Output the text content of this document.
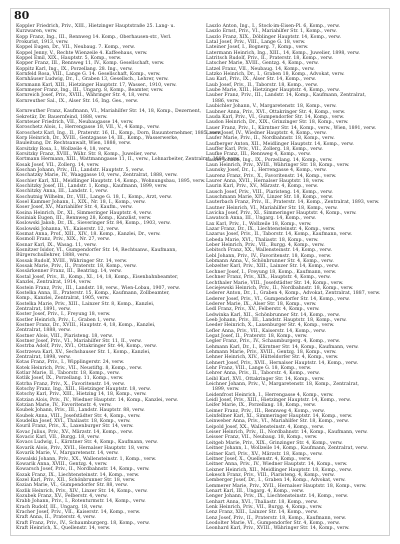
80
Koppler Friedrich, Priv., XIII., Hietzinger Hauptstraße 25. Lang- u.
Kurzwaren, verw.
Kopp Franz, Ing., III., Rennweg 14. Komp., Oberhausen-str., Verl.
Prokurist, 1913, verw.
Koppel Eugen, Dr., VII., Neubaug. 7. Komp., verw.
Koppel Jenny, V., Rechte Wienzeile 4. Kaffeehaus, verw.
Koppel Emil, XIX., Hauptstr. 5, Komp., verw.
Kopper Franz, III., Rennweg 11, IV., Komp. Gesellschaft, verw.
Koppitz Karl, Ing., IX., Porzellang. 28. Ing., verw.
Kornfeld Rosa, VIII., Lange G. 14. Gesellschaft, Komp., verw.
Kornhäuser Ludwig, Dr., I., Graben 13, Gesellsch., Lehrer, verw.
Kornmann Karl, XIII., Hietzinger Hauptstr. 17, Wasser., 1910, verw.
Kornmeyer Franz, Ing., III., Ungarg. 8, Komp., Beamter, verw.
Kornreich Josef, Priv., XVIII., Währinger Str. 4, 18, verw.
Kornreuther Sal., IX., Alser Str. 16, Ing. Ges., verw.
Kornreuther Franz, Kaufmann, VI., Mariahilfer Str. 14, 18, Komp., Dezernent,
Sekretär, Dr. Bauernfeind, 1888, verw.
Kornteuer Friedrich, VII., Neubaugasse 14, verw.
Koroschetz Alois, I., Herrengasse 18, VII., V., 4 Komp., verw.
Koroschetz Karl, Ing., II., Praterstr. 16, II., Komp., Dorn, Bauunternehmer, 1885, verw.
Korp Heinrich, Dr., XVIII., Gentzgasse 14, III., Komp., Wasserwerke,
Bauleitung, Dr. Rechtsanwalt, Wien, 1888, verw.
Korsitzky Rosa, I., Wollzeile 4, 18, verw.
Korsitzky Franz, XVIII., Währ. Str. 8, Komp., Juwelier, verw.
Kortmann Hermann, XIII., Wattmanngasse 11, II., verw., Lohnarbeiter, Zentralrat, 1888, verw.
Kosak Josef, VII., Zollerg. 14, verw.
Koschan Johann, Priv., III., Landstr. Hauptstr. 5, verw.
Koschatzky Marie, IV., Waaggasse 10, verw., Zentralrat, 1888, verw.
Koschier Karl, XII., Meidlinger Hauptstr. 14, Komp., Wohnungsbau, 1895, verw.
Koschitzky Josef, III., Landstr. 1, Komp., Kaufmann, 1899, verw.
Koschitzky Anna, III., Landstr. 1, verw.
Koschutnig Wilhelm, Dr., VIII., Lange G. 18, I., Komp., Arzt, verw.
Kosel Kammer Johann, I., XIX., Nr. 18, I., Komp., verw.
Koser Josef, XV., Mariahilfer Str. 4, Kaufm., verw.
Kosina Heinrich, Dr., XI., Simmeringer Hauptstr. 4, verw.
Kosiniak Eugen, III., Rennweg 28, Komp., Kanzlist, verw.
Koslowski Jakob, Dr., IX., Sieveringer Str. 84, Komp., 1903, verw.
Koslowski Johanna, VI., Kaiserstr. 12, verw.
Kosmat Anna, Prof., XIII., XIV., 18. Komp., Kanzlei, Dr., verw.
Kosmoll Franz, Priv., XIX., Nr. 27, verw.
Kosnar Karl, IX., Wasag. 11, verw.
Kosnitzer Isidor, VI., Gumpendorfer Str. 14, Rechtsanw., Kaufmann,
Bürgerschullehrer, 1888, verw.
Kossak Rudolf, XVIII., Währinger Str. 14, verw.
Kossak Marie, Priv., II., Praterstr. 18, Komp., verw.
Kossärkenner Franz, III., Beatrixg. 14, verw.
Kostal Josef, Priv., II., Komp., XI., 14, 18, Komp., Eisenbahnbeamter,
Kanzlei, Zentralrat, 1914, verw.
Kostein Franz, Priv., III., Landstr. 18, verw., Wien-Lobau, 1907, verw.
Kostelka Anna, II., Praterstr. 15, Komp., Kaufmann, Zollbeamter,
Komp., Kanzlei, Zentralrat, 1905, verw.
Kostelka Marie, Priv., XIII., Lainzer Str. 8, Komp., Kanzlei,
Zentralrat, 1891, verw.
Koster Josef, Priv., I., Freyung 18, verw.
Kostler Heinrich, Priv., I., Graben 1, verw.
Kostner Franz, Dr., XVIII., Hauptstr. 4, 18, Komp., Kanzlei,
Zentralrat, 1888, verw.
Kostner Alois, VIII., Piaristeng. 18, verw.
Kostner Josef, Priv., VI., Mariahilfer Str. 11, II., verw.
Kostrba Adolf, Priv., XVI., Ottakringer Str. 44, Komp., verw.
Kostrzewa Karl, XV., Sechshauser Str. 1, Komp., Kanzlei,
Zentralrat, 1898, verw.
Kotas Franz, Priv., I., Wipplingerstr. 24, verw.
Kotek Heinrich, Priv., VII., Neustiftg. 8, Komp., verw.
Kotlar Marie, II., Taborstr. 18, Komp., verw.
Kotlik Josef, IX., Porzellang. 11, Komp., verw.
Kotrba Franz, Priv., X., Favoritenstr. 14, verw.
Kotschy Franz, Ing., XIII., Hietzinger Hauptstr. 18, verw.
Kotschy Karl, Priv., XIII., Hietzing 14, 18, Komp., verw.
Kotzian Alois, Priv., IV., Wiedner Hauptstr. 14, Komp., Kanzlei, verw.
Kotzian Marie, IV., Favoritenstr. 4, verw.
Koubek Johann, Priv., III., Landstr. Hauptstr. 88, verw.
Koubek Anna, VIII., Josefstädter Str. 4, Komp., verw.
Koudelka Josef, XVI., Thaliastr. 18, Komp., verw.
Kouril Franz, Priv., X., Laxenburger Str. 14, verw.
Kovac Julius, Priv., XV., Märzstr. 14, Komp., verw.
Kovacic Karl, VII., Burgg. 18, verw.
Kovacs Ludwig, I., Kärntner Str. 4, Komp., Kaufmann, verw.
Kovarik Alois, Priv., XVII., Hernalser Hauptstr. 18, verw.
Kovarik Marie, V., Margaretenstr. 14, verw.
Kowalski Johann, Priv., XX., Wallensteinstr. 1, Komp., verw.
Kowarik Anna, XVIII., Gentzg. 4, verw.
Kowarsch Josef, Priv., II., Nordbahnstr. 14, Komp., verw.
Kozak Franz, IX., Liechtensteinstr. 14, Komp., verw.
Kozel Karl, Priv., XII., Schönbrunner Str. 18, verw.
Kozian Marie, VI., Gumpendorfer Str. 88, verw.
Kozlik Heinrich, Priv., XIV., Linzer Str. 14, Komp., verw.
Kozubek Franz, XV., Felberstr. 4, verw.
Krabb Johann, Priv., I., Rotenturmstr. 14, Komp., verw.
Krach Rudolf, III., Ungarg. 18, verw.
Kracher Josef, Priv., VII., Kaiserstr. 14, Komp., verw.
Kraft Anna, II., Praterstr. 4, verw.
Kraft Franz, Priv., IV., Schaumburgerg. 18, Komp., verw.
Kraft Heinrich, X., Quellenstr. 14, verw.
Laszlo Anton, Ing., I., Stock-im-Eisen-Pl. 6, Komp., verw.
Laszlo Ernst, Priv., VI., Mariahilfer Str. 1, Komp., verw.
Laszlo Franz, XIX., Döblinger Hauptstr. 14, Komp., verw.
Latal Josef, Priv., VIII., Lange G. 18, verw.
Lateiner Josef, I., Bognerg. 7, Komp., verw.
Latermann Heinrich, Ing., XIII., 14, Komp., Juwelier, 1898, verw.
Latritsch Rudolf, Priv., II., Praterstr. 18, Komp., verw.
Latscher Marie, XVIII., Gentzg. 4, Komp., verw.
Latzel Franz, VII., Neubaug. 14, Komp., verw.
Latzko Heinrich, Dr., I., Graben 18, Komp., Advokat, verw.
Lau Karl, Priv., IX., Alser Str. 14, Komp., verw.
Laub Josef, Priv., II., Taborstr. 18, Komp., verw.
Laube Marie, XIII., Hietzinger Hauptstr. 4, Komp., verw.
Lauber Franz, Priv., III., Landstr. 14, Komp., Kaufmann, Zentralrat,
1886, verw.
Laubichler Johann, V., Margaretenstr. 18, Komp., verw.
Laubner Anna, Priv., XVI., Ottakringer Str. 4, Komp., verw.
Lauda Karl, Priv., VI., Gumpendorfer Str. 14, Komp., verw.
Laudon Heinrich, Dr., XIX., Grinzinger Str. 18, Komp., verw.
Lauer Franz, Priv., I., Kärntner Str. 14, Komp., verw., Wien, 1891, verw.
Lauer Josef, IV., Wiedner Hauptstr. 4, Komp., verw.
Laufer Marie, Priv., II., Nordbahnstr. 18, Komp., verw.
Laufberger Anton, XII., Meidlinger Hauptstr. 14, Komp., verw.
Lauffer Karl, Priv., VII., Zollerg. 18, Komp., verw.
Laufke Franz, III., Rennweg 4, Komp., verw.
Laufer Johann, Ing., IX., Porzellang. 14, Komp., verw.
Laun Heinrich, Priv., XVIII., Währinger Str. 18, Komp., verw.
Launsky Josef, Dr., I., Herrengasse 4, Komp., verw.
Laurenz Franz, Priv., X., Favoritenstr. 14, Komp., verw.
Laurer Anna, XVII., Hernalser Hauptstr. 18, verw.
Laurin Karl, Priv., XV., Märzstr. 4, Komp., verw.
Lausch Josef, Priv., VIII., Piaristeng. 14, Komp., verw.
Lauschmann Marie, XIV., Linzer Str. 18, Komp., verw.
Lauterbach Franz, Priv., II., Praterstr. 14, Komp., Zentralrat, 1893, verw.
Lautner Heinrich, VI., Mariahilfer Str. 18, Komp., verw.
Lavicka Josef, Priv., XI., Simmeringer Hauptstr. 4, Komp., verw.
Lawatsch Anna, III., Ungarg. 14, Komp., verw.
Lax Karl, Priv., I., Wollzeile 18, Komp., verw.
Lazar Franz, Dr., IX., Liechtensteinstr. 4, Komp., verw.
Lazarus Josef, Priv., II., Taborstr. 14, Komp., Kaufmann, verw.
Lebeda Marie, XVI., Thaliastr. 18, Komp., verw.
Leber Heinrich, Priv., VII., Burgg. 4, Komp., verw.
Lebitsch Franz, XX., Wallensteinstr. 14, Komp., verw.
Lebl Johann, Priv., IV., Favoritenstr. 18, Komp., verw.
Lebmann Anna, V., Schönbrunner Str. 4, Komp., verw.
Lebzelter Karl, Priv., XIII., Lainzer Str. 14, Komp., verw.
Lechner Josef, I., Freyung 18, Komp., Kaufmann, verw.
Lechner Franz, Priv., XIX., Hauptstr. 4, Komp., verw.
Lechthaler Marie, VIII., Josefstädter Str. 14, Komp., verw.
Leciejewski Heinrich, Priv., II., Nordbahnstr. 18, Komp., verw.
Lederer Anton, Dr., I., Graben 4, Komp., Advokat, Zentralrat, 1887, verw.
Lederer Josef, Priv., VI., Gumpendorfer Str. 14, Komp., verw.
Lederer Marie, IX., Alser Str. 18, Komp., verw.
Ledl Franz, Priv., XV., Felberstr. 4, Komp., verw.
Ledwinka Karl, XII., Schönbrunner Str. 14, Komp., verw.
Leeb Johann, Priv., III., Landstr. Hauptstr. 18, Komp., verw.
Leeder Heinrich, X., Laxenburger Str. 4, Komp., verw.
Lefler Anna, Priv., VII., Kaiserstr. 14, Komp., verw.
Legat Josef, II., Praterstr. 18, Komp., verw.
Legler Franz, Priv., IV., Schaumburgerg. 4, Komp., verw.
Lehmann Karl, Dr., I., Kärntner Str. 14, Komp., Kaufmann, verw.
Lehmann Marie, Priv., XVIII., Gentzg. 18, Komp., verw.
Lehner Heinrich, XIV., Hütteldorfer Str. 4, Komp., verw.
Lehnert Josef, Priv., XVII., Hernalser Hauptstr. 14, Komp., verw.
Lehr Franz, VIII., Lange G. 18, Komp., verw.
Lehrer Anna, Priv., II., Taborstr. 4, Komp., verw.
Leibl Karl, XVI., Ottakringer Str. 14, Komp., verw.
Leichner Johann, Priv., V., Margaretenstr. 18, Komp., Zentralrat,
1899, verw.
Leidenfrost Heinrich, I., Herrengasse 4, Komp., verw.
Leidl Josef, Priv., XIII., Hietzinger Hauptstr. 14, Komp., verw.
Leifer Marie, IX., Porzellang. 18, Komp., verw.
Leimer Franz, Priv., III., Rennweg 4, Komp., verw.
Leinfellner Karl, XI., Simmeringer Hauptstr. 14, Komp., verw.
Leinweber Anna, Priv., VI., Mariahilfer Str. 18, Komp., verw.
Leipold Josef, XX., Wallensteinstr. 4, Komp., verw.
Leiser Heinrich, Priv., II., Nordbahnstr. 14, Komp., Kaufmann, verw.
Leisser Franz, VII., Neubaug. 18, Komp., verw.
Leitgeb Marie, Priv., XIX., Grinzinger Str. 4, Komp., verw.
Leitner Johann, I., Wollzeile 14, Komp., Kaufmann, Zentralrat, verw.
Leitner Karl, Priv., XV., Märzstr. 18, Komp., verw.
Leitner Josef, X., Quellenstr. 4, Komp., verw.
Leitner Anna, Priv., IV., Wiedner Hauptstr. 14, Komp., verw.
Leixner Heinrich, XII., Meidlinger Hauptstr. 18, Komp., verw.
Lekesch Franz, Priv., VIII., Piaristeng. 4, Komp., verw.
Lemberger Josef, Dr., I., Graben 14, Komp., Advokat, verw.
Lemmerer Marie, Priv., XVII., Hernalser Hauptstr. 18, Komp., verw.
Lenart Karl, III., Ungarg. 4, Komp., verw.
Lenger Johann, Priv., IX., Liechtensteinstr. 14, Komp., verw.
Lenhart Anna, XVI., Thaliastr. 18, Komp., verw.
Lenk Heinrich, Priv., VII., Burgg. 4, Komp., verw.
Lenz Franz, XIII., Lainzer Str. 14, Komp., verw.
Lenz Josef, Priv., II., Praterstr. 18, Komp., Kaufmann, verw.
Leodolter Marie, VI., Gumpendorfer Str. 4, Komp., verw.
Leonhard Karl, Priv., XVIII., Währinger Str. 14, Komp., verw.
